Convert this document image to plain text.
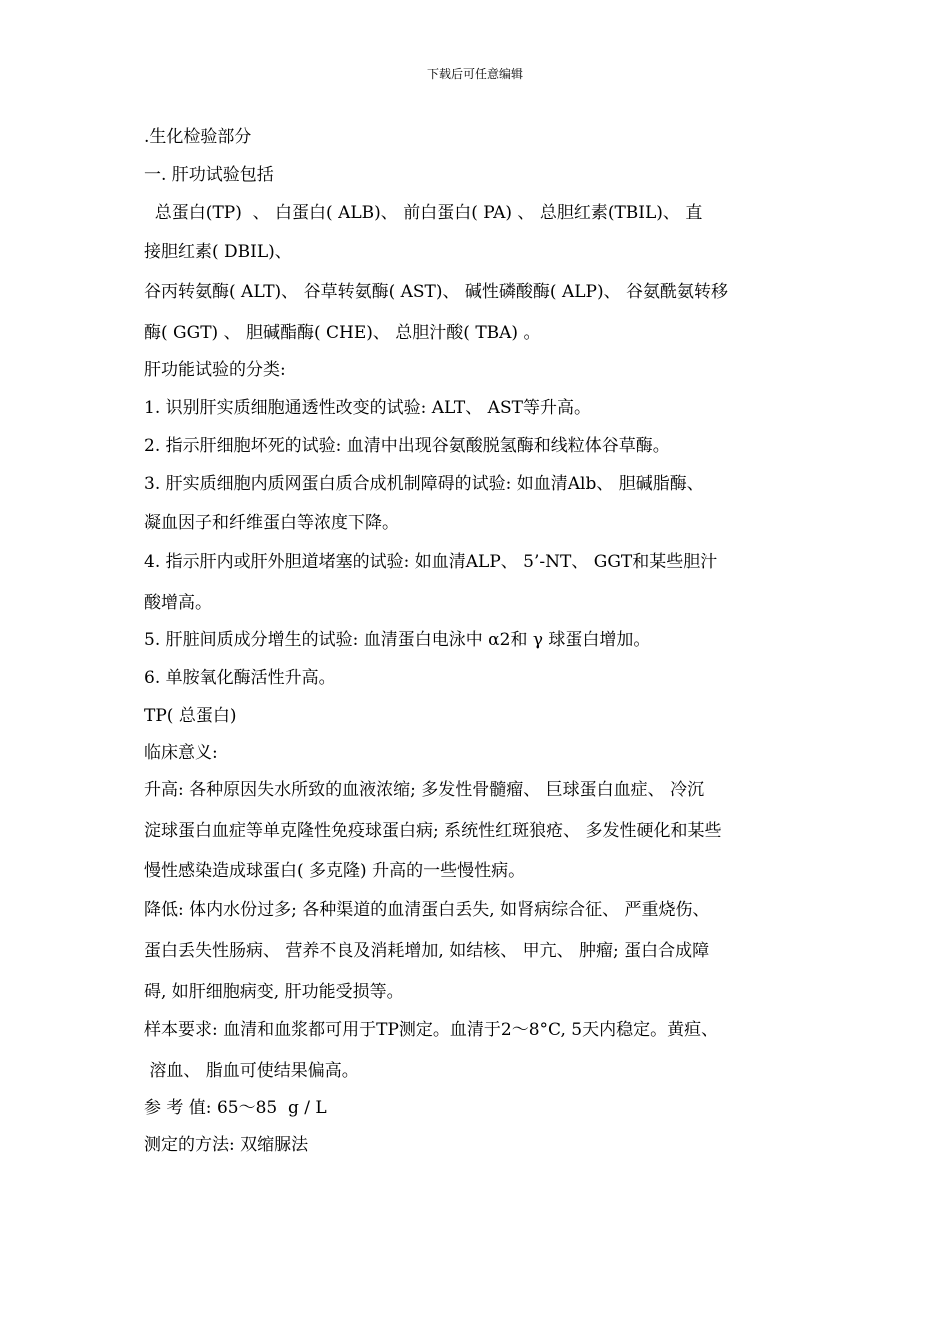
下载后可任意编辑
.生化检验部分
一. 肝功试验包括
总蛋白(TP)  、 白蛋白( ALB)、 前白蛋白( PA) 、 总胆红素(TBIL)、 直
接胆红素( DBIL)、
谷丙转氨酶( ALT)、 谷草转氨酶( AST)、 碱性磷酸酶( ALP)、 谷氨酰氨转移
酶( GGT) 、 胆碱酯酶( CHE)、 总胆汁酸( TBA) 。
肝功能试验的分类:
1. 识别肝实质细胞通透性改变的试验: ALT、 AST等升高。
2. 指示肝细胞坏死的试验: 血清中出现谷氨酸脱氢酶和线粒体谷草酶。
3. 肝实质细胞内质网蛋白质合成机制障碍的试验: 如血清Alb、 胆碱脂酶、
凝血因子和纤维蛋白等浓度下降。
4. 指示肝内或肝外胆道堵塞的试验: 如血清ALP、 5’-NT、 GGT和某些胆汁
酸增高。
5. 肝脏间质成分增生的试验: 血清蛋白电泳中 α2和 γ 球蛋白增加。
6. 单胺氧化酶活性升高。
TP( 总蛋白)
临床意义:
升高: 各种原因失水所致的血液浓缩; 多发性骨髓瘤、 巨球蛋白血症、 冷沉
淀球蛋白血症等单克隆性免疫球蛋白病; 系统性红斑狼疮、 多发性硬化和某些
慢性感染造成球蛋白( 多克隆) 升高的一些慢性病。
降低: 体内水份过多; 各种渠道的血清蛋白丢失, 如肾病综合征、 严重烧伤、
蛋白丢失性肠病、 营养不良及消耗增加, 如结核、 甲亢、 肿瘤; 蛋白合成障
碍, 如肝细胞病变, 肝功能受损等。
样本要求: 血清和血浆都可用于TP测定。血清于2～8°C, 5天内稳定。黄疸、
溶血、 脂血可使结果偏高。
参 考 值: 65～85  g / L
测定的方法: 双缩脲法
